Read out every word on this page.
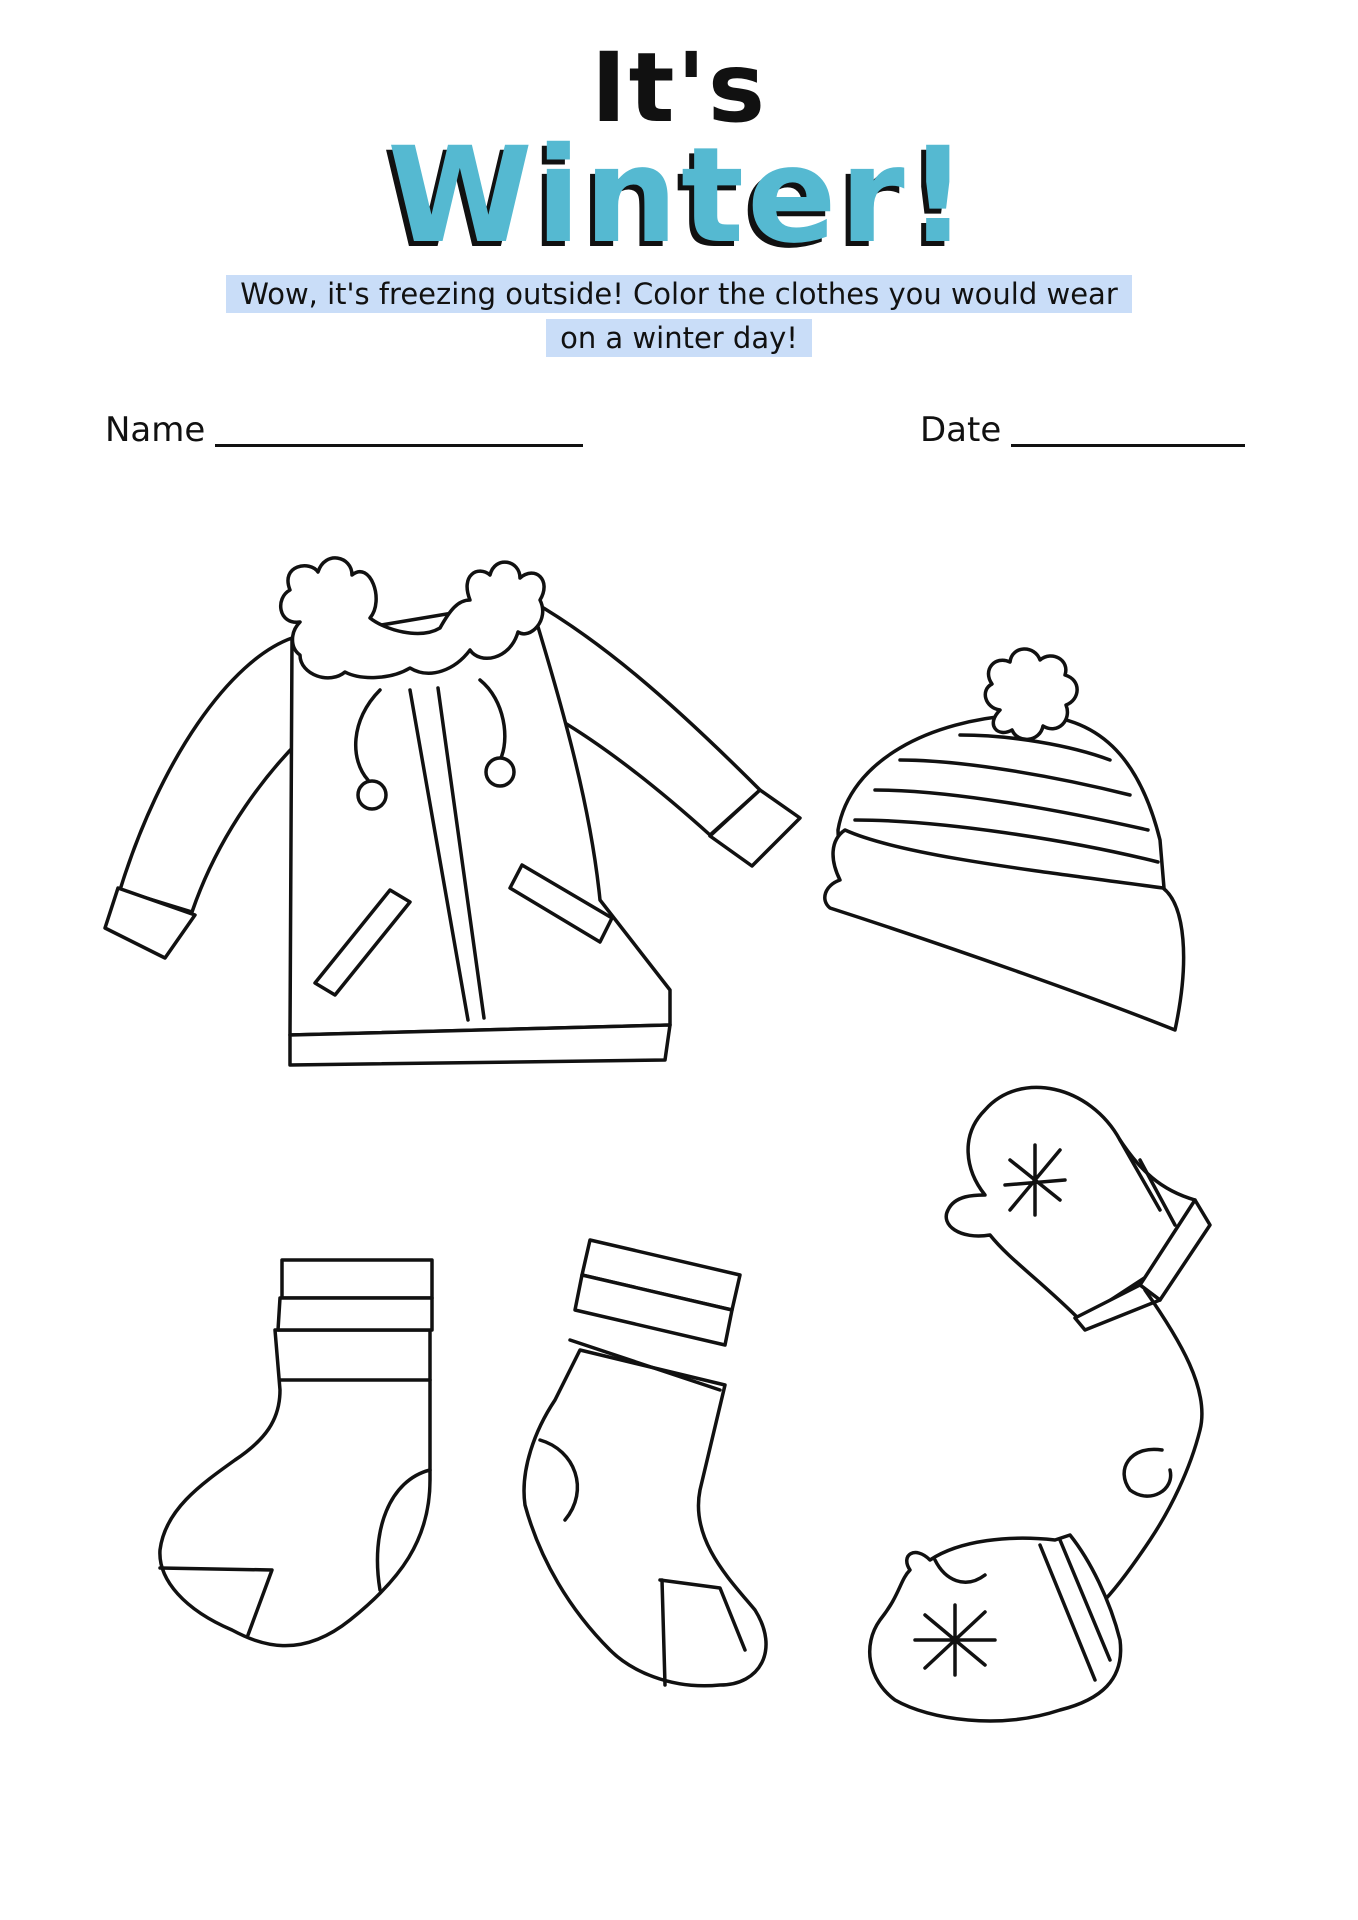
It's
Winter!
Wow, it's freezing outside! Color the clothes you would wear
on a winter day!
Name	Date
